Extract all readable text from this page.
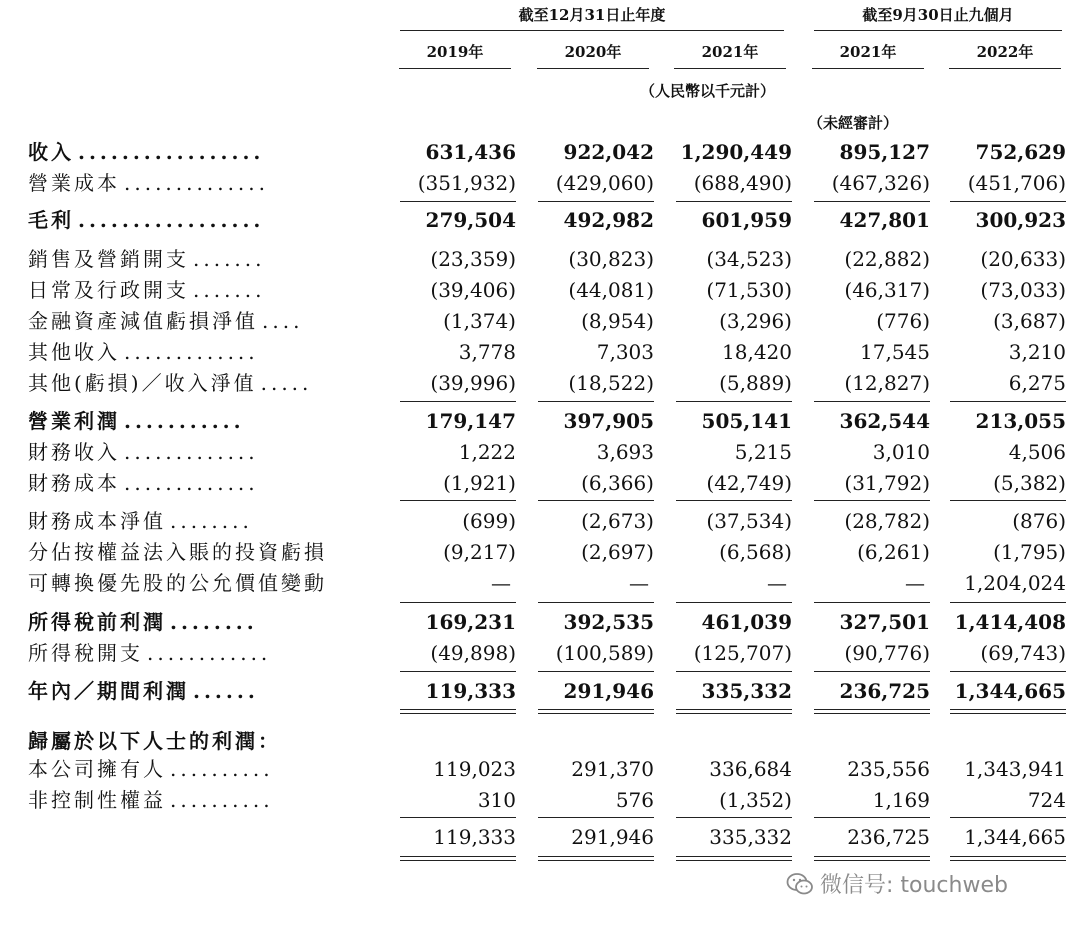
截至12月31日止年度	截至9月30日止九個月
2019年	2020年	2021年	2021年	2022年
（人民幣以千元計）
（未經審計）
收入 .................	631,436	922,042	1,290,449	895,127	752,629
營業成本 ..............	(351,932)	(429,060)	(688,490)	(467,326)	(451,706)
毛利 .................	279,504	492,982	601,959	427,801	300,923
銷售及營銷開支 .......	(23,359)	(30,823)	(34,523)	(22,882)	(20,633)
日常及行政開支 .......	(39,406)	(44,081)	(71,530)	(46,317)	(73,033)
金融資產減值虧損淨值 ....	(1,374)	(8,954)	(3,296)	(776)	(3,687)
其他收入 .............	3,778	7,303	18,420	17,545	3,210
其他(虧損)／收入淨值 .....	(39,996)	(18,522)	(5,889)	(12,827)	6,275
營業利潤 ...........	179,147	397,905	505,141	362,544	213,055
財務收入 .............	1,222	3,693	5,215	3,010	4,506
財務成本 .............	(1,921)	(6,366)	(42,749)	(31,792)	(5,382)
財務成本淨值 ........	(699)	(2,673)	(37,534)	(28,782)	(876)
分佔按權益法入賬的投資虧損	(9,217)	(2,697)	(6,568)	(6,261)	(1,795)
可轉換優先股的公允價值變動	—	—	—	—	1,204,024
所得稅前利潤 ........	169,231	392,535	461,039	327,501	1,414,408
所得稅開支 ............	(49,898)	(100,589)	(125,707)	(90,776)	(69,743)
年內／期間利潤 ......	119,333	291,946	335,332	236,725	1,344,665
歸屬於以下人士的利潤：
本公司擁有人 ..........	119,023	291,370	336,684	235,556	1,343,941
非控制性權益 ..........	310	576	(1,352)	1,169	724
119,333	291,946	335,332	236,725	1,344,665
微信号: touchweb
